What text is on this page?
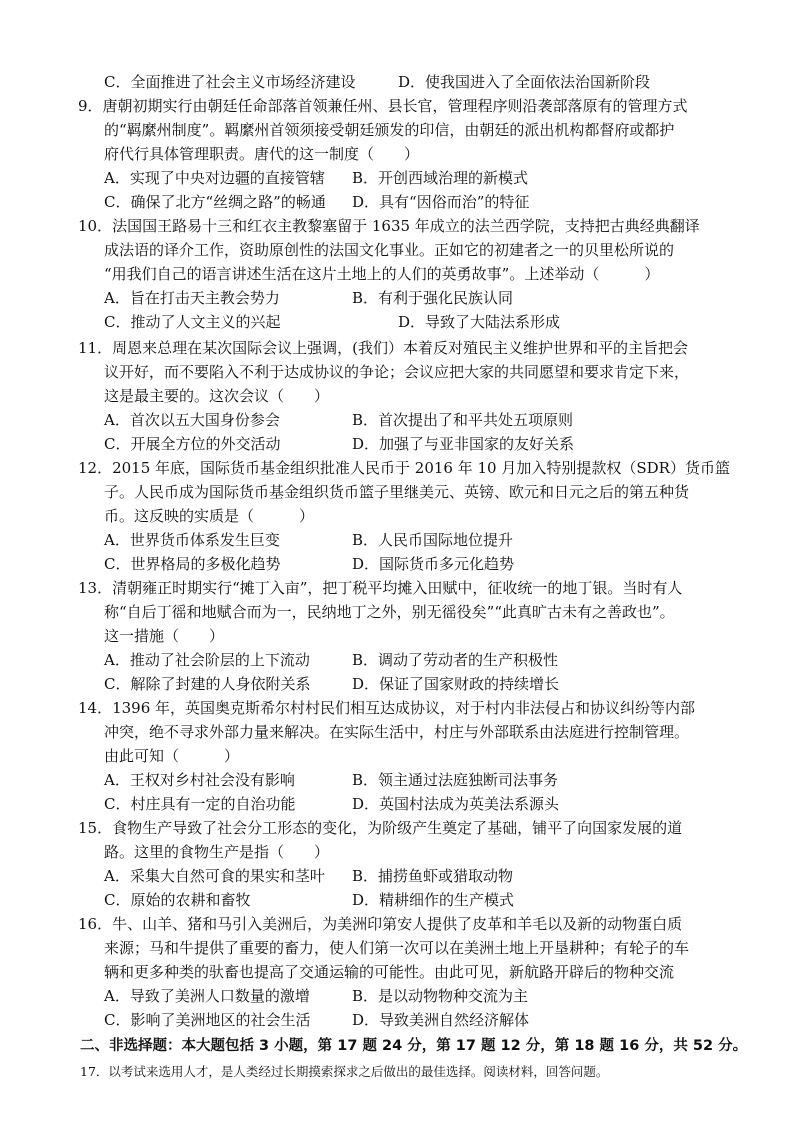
C．全面推进了社会主义市场经济建设	D．使我国进入了全面依法治国新阶段
9．唐朝初期实行由朝廷任命部落首领兼任州、县长官，管理程序则沿袭部落原有的管理方式
的“羁縻州制度”。羁縻州首领须接受朝廷颁发的印信，由朝廷的派出机构都督府或都护
府代行具体管理职责。唐代的这一制度（　　）
A．实现了中央对边疆的直接管辖 B．开创西域治理的新模式
C．确保了北方“丝绸之路”的畅通 D．具有“因俗而治”的特征
10．法国国王路易十三和红衣主教黎塞留于 1635 年成立的法兰西学院，支持把古典经典翻译
成法语的译介工作，资助原创性的法国文化事业。正如它的初建者之一的贝里松所说的
“用我们自己的语言讲述生活在这片土地上的人们的英勇故事”。上述举动（　　　）
A．旨在打击天主教会势力	B．有利于强化民族认同
C．推动了人文主义的兴起	D．导致了大陆法系形成
11．周恩来总理在某次国际会议上强调，(我们）本着反对殖民主义维护世界和平的主旨把会
议开好，而不要陷入不利于达成协议的争论；会议应把大家的共同愿望和要求肯定下来，
这是最主要的。这次会议（　　）
A．首次以五大国身份参会	B．首次提出了和平共处五项原则
C．开展全方位的外交活动	D．加强了与亚非国家的友好关系
12．2015 年底，国际货币基金组织批准人民币于 2016 年 10 月加入特别提款权（SDR）货币篮
子。人民币成为国际货币基金组织货币篮子里继美元、英镑、欧元和日元之后的第五种货
币。这反映的实质是（　　　）
A．世界货币体系发生巨变	B．人民币国际地位提升
C．世界格局的多极化趋势	D．国际货币多元化趋势
13．清朝雍正时期实行“摊丁入亩”，把丁税平均摊入田赋中，征收统一的地丁银。当时有人
称“自后丁徭和地赋合而为一，民纳地丁之外，别无徭役矣”“此真旷古未有之善政也”。
这一措施（　　）
A．推动了社会阶层的上下流动	B．调动了劳动者的生产积极性
C．解除了封建的人身依附关系	D．保证了国家财政的持续增长
14．1396 年，英国奥克斯希尔村村民们相互达成协议，对于村内非法侵占和协议纠纷等内部
冲突，绝不寻求外部力量来解决。在实际生活中，村庄与外部联系由法庭进行控制管理。
由此可知（　　　）
A．王权对乡村社会没有影响	B．领主通过法庭独断司法事务
C．村庄具有一定的自治功能	D．英国村法成为英美法系源头
15．食物生产导致了社会分工形态的变化，为阶级产生奠定了基础，铺平了向国家发展的道
路。这里的食物生产是指（　　）
A．采集大自然可食的果实和茎叶 B．捕捞鱼虾或猎取动物
C．原始的农耕和畜牧	D．精耕细作的生产模式
16．牛、山羊、猪和马引入美洲后，为美洲印第安人提供了皮革和羊毛以及新的动物蛋白质
来源；马和牛提供了重要的畜力，使人们第一次可以在美洲土地上开垦耕种；有轮子的车
辆和更多种类的驮畜也提高了交通运输的可能性。由此可见，新航路开辟后的物种交流
A．导致了美洲人口数量的激增	B．是以动物物种交流为主
C．影响了美洲地区的社会生活	D．导致美洲自然经济解体
二、非选择题：本大题包括 3 小题，第 17 题 24 分，第 17 题 12 分，第 18 题 16 分，共 52 分。
17．以考试来选用人才，是人类经过长期摸索探求之后做出的最佳选择。阅读材料，回答问题。
